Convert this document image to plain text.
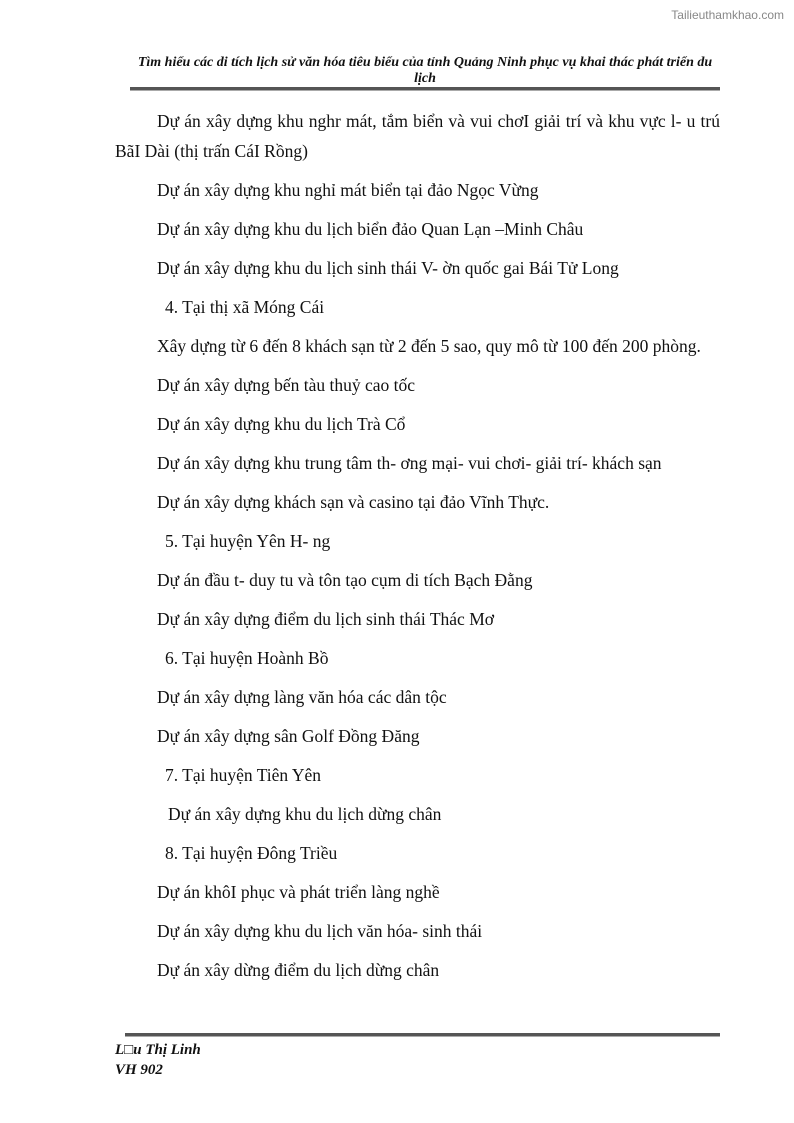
Tailieuthamkhao.com
Tìm hiểu các di tích lịch sử văn hóa tiêu biểu của tỉnh Quảng Ninh phục vụ khai thác phát triển du lịch

Dự án xây dựng khu nghr mát, tắm biển và vui chơI giải trí và khu vực l- u trú BãI Dài (thị trấn CáI Rồng)

Dự án xây dựng khu nghỉ mát biển tại đảo Ngọc Vừng

Dự án xây dựng khu du lịch biển đảo Quan Lạn –Minh Châu

Dự án xây dựng khu du lịch sinh thái V- ờn quốc gai Bái Tử Long

4. Tại thị xã Móng Cái

Xây dựng từ 6 đến 8 khách sạn từ 2 đến 5 sao, quy mô từ 100 đến 200 phòng.

Dự án xây dựng bến tàu thuỷ cao tốc

Dự án xây dựng khu du lịch Trà Cổ

Dự án xây dựng khu trung tâm th- ơng mại- vui chơi- giải trí- khách sạn

Dự án xây dựng khách sạn và casino tại đảo Vĩnh Thực.

5. Tại huyện Yên H- ng

Dự án đầu t- duy tu và tôn tạo cụm di tích Bạch Đằng

Dự án xây dựng điểm du lịch sinh thái Thác Mơ

6. Tại huyện Hoành Bồ

Dự án xây dựng làng văn hóa các dân tộc

Dự án xây dựng sân Golf Đồng Đăng

7. Tại huyện Tiên Yên

Dự án xây dựng khu du lịch dừng chân

8. Tại huyện Đông Triều

Dự án khôI phục và phát triển làng nghề

Dự án xây dựng khu du lịch văn hóa- sinh thái

Dự án xây dừng điểm du lịch dừng chân

L□u Thị Linh
VH 902
